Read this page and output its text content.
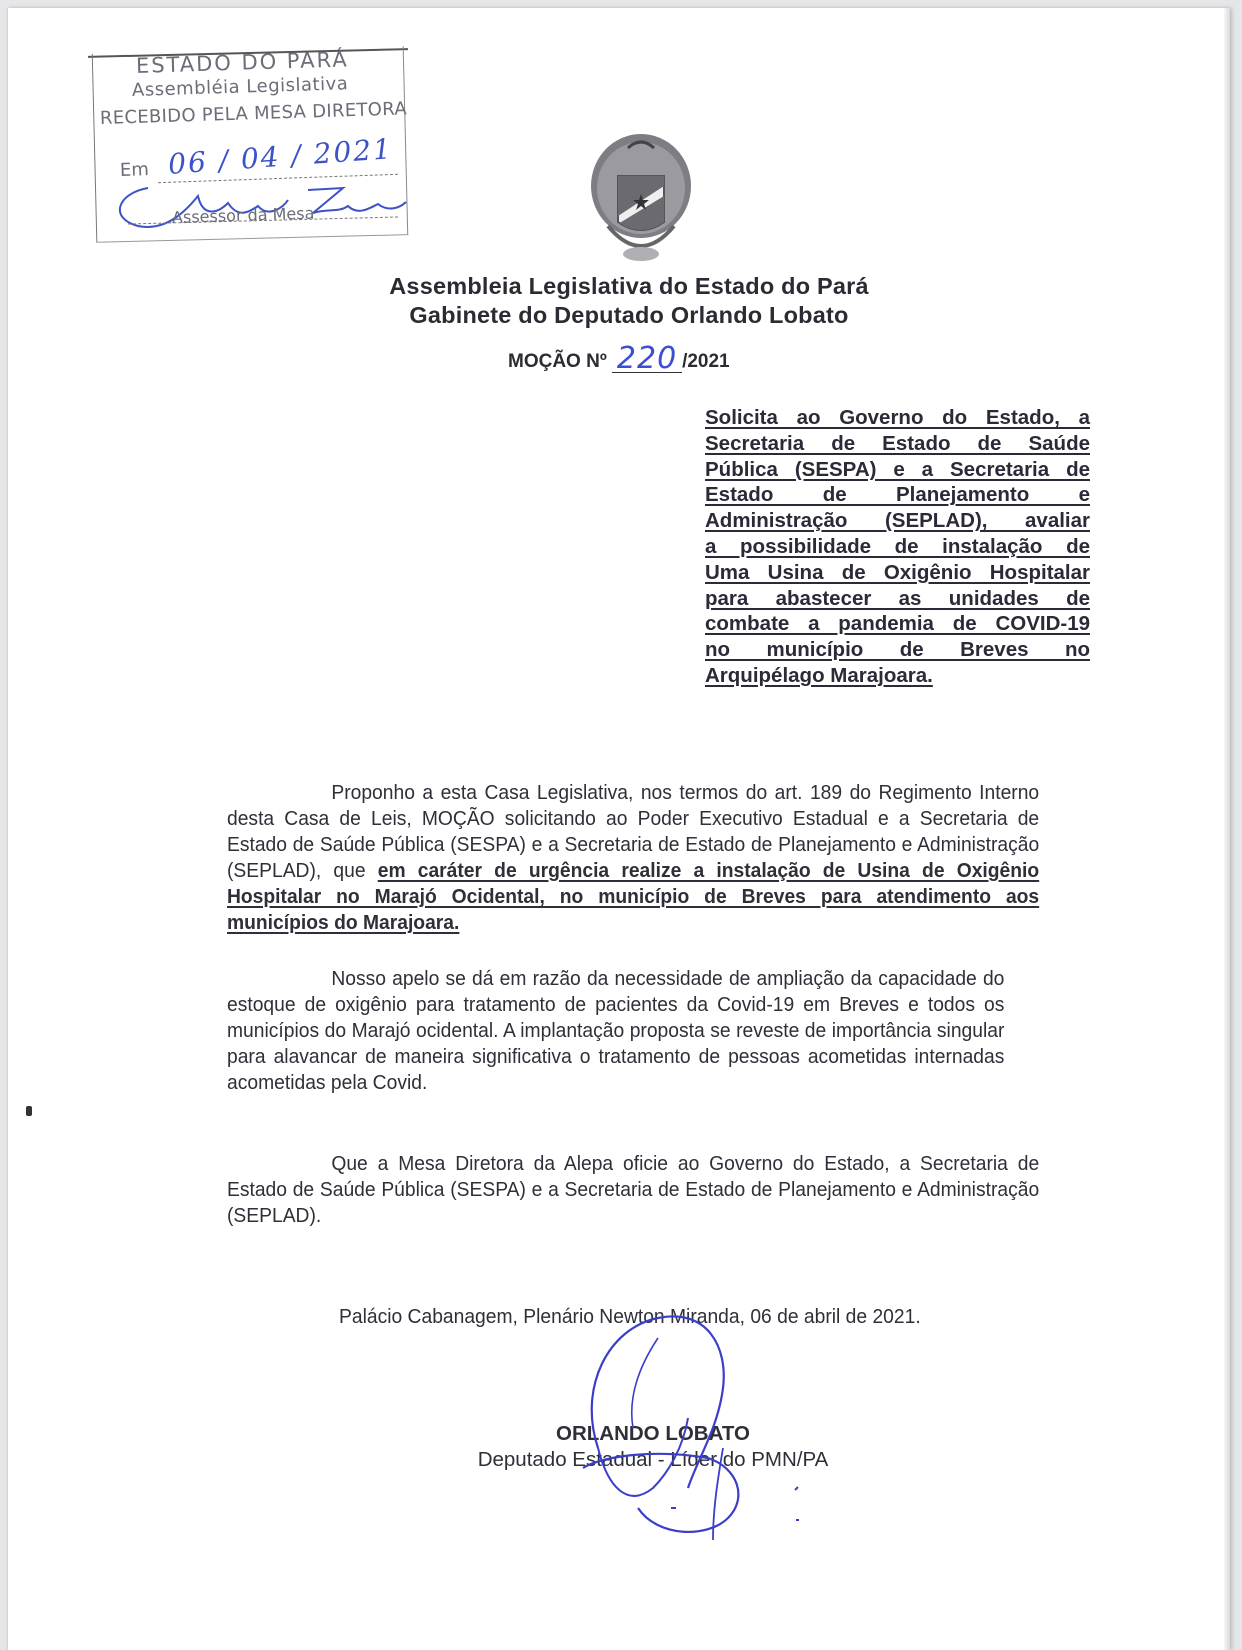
ESTADO DO PARÁ
Assembléia Legislativa
RECEBIDO PELA MESA DIRETORA
Em 06 / 04 / 2021
Assessor da Mesa
Assembleia Legislativa do Estado do Pará
Gabinete do Deputado Orlando Lobato
MOÇÃO Nº 220 /2021
Solicita ao Governo do Estado, a
Secretaria de Estado de Saúde
Pública (SESPA) e a Secretaria de
Estado de Planejamento e
Administração (SEPLAD), avaliar
a possibilidade de instalação de
Uma Usina de Oxigênio Hospitalar
para abastecer as unidades de
combate a pandemia de COVID-19
no município de Breves no
Arquipélago Marajoara.
Proponho a esta Casa Legislativa, nos termos do art. 189 do Regimento Interno desta Casa de Leis, MOÇÃO solicitando ao Poder Executivo Estadual e a Secretaria de Estado de Saúde Pública (SESPA) e a Secretaria de Estado de Planejamento e Administração (SEPLAD), que em caráter de urgência realize a instalação de Usina de Oxigênio Hospitalar no Marajó Ocidental, no município de Breves para atendimento aos municípios do Marajoara.
Nosso apelo se dá em razão da necessidade de ampliação da capacidade do estoque de oxigênio para tratamento de pacientes da Covid-19 em Breves e todos os municípios do Marajó ocidental. A implantação proposta se reveste de importância singular para alavancar de maneira significativa o tratamento de pessoas acometidas internadas acometidas pela Covid.
Que a Mesa Diretora da Alepa oficie ao Governo do Estado, a Secretaria de Estado de Saúde Pública (SESPA) e a Secretaria de Estado de Planejamento e Administração (SEPLAD).
Palácio Cabanagem, Plenário Newton Miranda, 06 de abril de 2021.
ORLANDO LOBATO
Deputado Estadual - Líder do PMN/PA
